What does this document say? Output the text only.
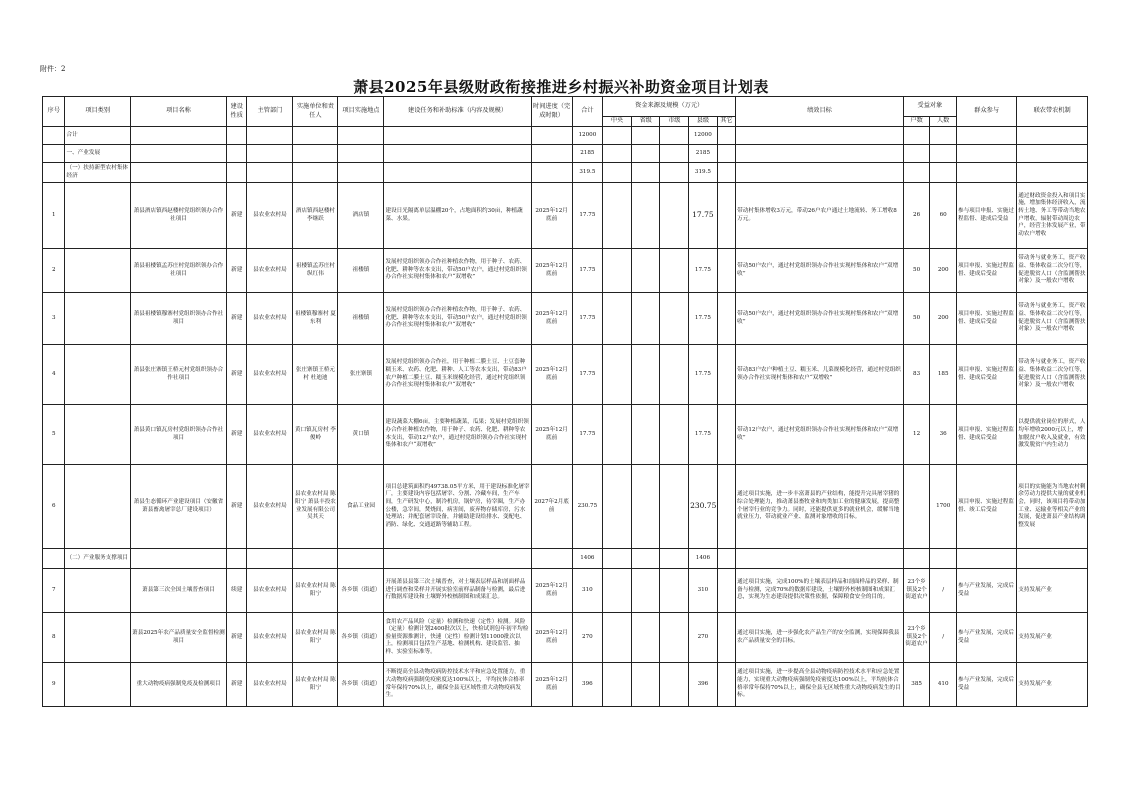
附件：2
萧县2025年县级财政衔接推进乡村振兴补助资金项目计划表
序号	项目类别	项目名称	建设性质	主管部门	实施单位和责任人	项目实施地点	建设任务和补助标准（内容及规模）	时间进度（完成时限）	合计	资金来源及规模（万元）					绩效目标	受益对象		群众参与	联农带农机制
										中央	省级	市级	县级	其它		户数	人数		
	合计								12000				12000						
	一、产业发展								2185				2185						
	（一）扶持新型农村集体经济								319.5				319.5						
1		萧县酒店镇西赵楼村党组织领办合作社项目	新建	县农业农村局	酒店镇西赵楼村 李继跃	酒店镇	建设日光隔离单层温棚20个，占地面积约30亩，种植蔬菜、水果。	2025年12月底前	17.75				17.75		带动村集体增收3万元，带动26户农户通过土地流转、务工增收8万元。	26	60	参与项目申报、实施过程监督、建成后受益	通过财政资金投入和项目实施，增加集体经济收入，流转土地、务工等带动当地农户增收，辐射带动周边农户，经营主体发展产业，带动农户增收
2		萧县祖楼镇孟苏庄村党组织领办合作社项目	新建	县农业农村局	祖楼镇孟苏庄村 纵红伟	祖楼镇	发展村党组织领办合作社种植农作物，用于种子、农药、化肥、耕种等农本支出，带动50户农户，通过村党组织领办合作社实现村集体和农户“双增收”	2025年12月底前	17.75				17.75		带动50户农户，通过村党组织领办合作社实现村集体和农户“双增收”	50	200	项目申报、实施过程监督、建成后受益	带动务与就业务工，资产收益、集体收益二次分红等，促进脱贫人口（含监测帮扶对象）及一般农户增收
3		萧县祖楼镇穆寨村党组织领办合作社项目	新建	县农业农村局	祖楼镇穆寨村 夏东利	祖楼镇	发展村党组织领办合作社种植农作物，用于种子、农药、化肥、耕种等农本支出，带动50户农户，通过村党组织领办合作社实现村集体和农户“双增收”	2025年12月底前	17.75				17.75		带动50户农户，通过村党组织领办合作社实现村集体和农户“双增收”	50	200	项目申报、实施过程监督、建成后受益	带动务与就业务工，资产收益、集体收益二次分红等，促进脱贫人口（含监测帮扶对象）及一般农户增收
4		萧县张庄寨镇王桥元村党组织领办合作社项目	新建	县农业农村局	张庄寨镇王桥元村 杜迪迪	张庄寨镇	发展村党组织领办合作社，用于种植二膜土豆、土豆套种糯玉米、农药、化肥、耕种、人工等农本支出，带动83户农户种植二膜土豆、糯玉米规模化经营，通过村党组织领办合作社实现村集体和农户“双增收”	2025年12月底前	17.75				17.75		带动83户农户种植土豆、糯玉米、儿菜规模化经营，通过村党组织领办合作社实现村集体和农户“双增收”	83	185	项目申报、实施过程监督、建成后受益	带动务与就业务工，资产收益、集体收益二次分红等，促进脱贫人口（含监测帮扶对象）及一般农户增收
5		萧县黄口镇瓦房村党组织领办合作社项目	新建	县农业农村局	黄口镇瓦房村 李俊岭	黄口镇	建设蔬菜大棚6亩，主要种植蔬菜，瓜果；发展村党组织领办合作社种植农作物，用于种子、农药、化肥、耕种等农本支出，带动12户农户，通过村党组织领办合作社实现村集体和农户“双增收”	2025年12月底前	17.75				17.75		带动12户农户，通过村党组织领办合作社实现村集体和农户“双增收”	12	36	项目申报、实施过程监督、建成后受益	以提供就业岗位的形式，人均年增收2000元以上，增加脱贫户收入及就业，有效激发脱贫户内生动力
6		萧县生态循环产业建设项目（安徽省萧县畜禽屠宰总厂建设项目）	新建	县农业农村局	县农业农村局 陈阳宁 萧县丰投农业发展有限公司 吴其天	食品工业园	项目总建筑面积约49738.05平方米，用于建设标准化屠宰厂，主要建设内容包括屠宰、分割、冷藏车间，生产车间，生产研发中心，制冷机房，锅炉房，待宰圈，生产办公楼，急宰间，焚烧间，病害间，废弃物存储库房，污水处理站；并配套屠宰设备，并辅助建设给排水、变配电、消防、绿化、交通道路等辅助工程。	2027年2月底前	230.75				230.75		通过项目实施，进一步丰富萧县的产业结构，能提升完具屠宰猪的综合处理能力，推动萧县畜牧业和肉类加工业的健康发展，提高整个屠宰行业的竞争力。同时，还能提供更多的就业机会，缓解当地就业压力，带动就业产业、监测对象增收的目标。		1700	项目申报、实施过程监督、竣工后受益	项目的实施能为当地农村剩余劳动力提供大量的就业机会，同时，该项目将带动加工业、运输业等相关产业的发展，促进萧县产业结构调整发展
	（二）产业服务支撑项目								1406				1406						
7		萧县第三次全国土壤普查项目	续建	县农业农村局	县农业农村局 陈阳宁	各乡镇（街道）	开展萧县县第三次土壤普查，对土壤表层样品和剖面样品进行调查和采样并开展实验室前样品制备与检测，最后进行数据库建设和土壤野外校核制图和成果汇总。	2025年12月底前	310				310		通过项目实施，完成100%的土壤表层样品和剖面样品的采样、制备与检测，完成70%的数据库建设，土壤野外校核制图和成果汇总，实现为生态建设提供决策性依据，保障粮食安全的目的。	23个乡镇及2个街道农户	/	参与产业发展，完成后受益	支持发展产业
8		萧县2025年农产品质量安全监督检测项目	新建	县农业农村局	县农业农村局 陈阳宁	各乡镇（街道）	食用农产品风险（定量）检测和快速（定性）检测。风险（定量）检测计划2400批次以上，快检试剂包年初平均检验量资源推测计，快速（定性）检测计划11000批次以上，检测项目包括生产基地、检测机构、建设监管、抽样、实验室标准等。	2025年12月底前	270				270		通过项目实施，进一步强化农产品生产的安全监测，实现保障我县农产品质量安全的目标。	23个乡镇及2个街道农户	/	参与产业发展，完成后受益	支持发展产业
9		重大动物疫病强制免疫及检测项目	新建	县农业农村局	县农业农村局 陈阳宁	各乡镇（街道）	不断提高全县动物疫病防控技术水平和应急处置能力，重大动物疫病强制免疫密度达100%以上，平均抗体合格率常年保持70%以上，确保全县无区域性重大动物疫病发生。	2025年12月底前	396				396		通过项目实施，进一步提高全县动物疫病防控技术水平和应急处置能力，实现重大动物疫病强制免疫密度达100%以上，平均抗体合格率常年保持70%以上，确保全县无区域性重大动物疫病发生的目标。	385	410	参与产业发展，完成后受益	支持发展产业
